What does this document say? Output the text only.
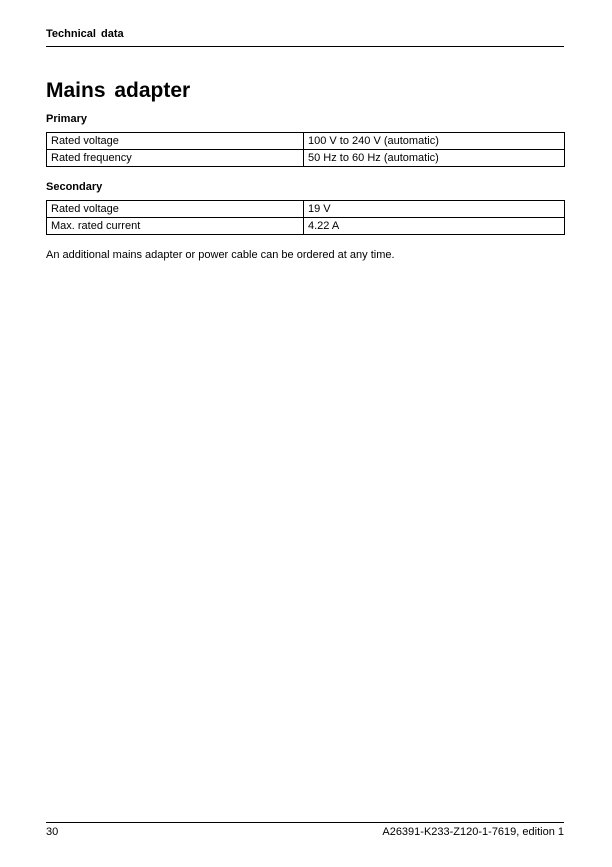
Technical data
Mains adapter
Primary
Rated voltage	100 V to 240 V (automatic)
Rated frequency	50 Hz to 60 Hz (automatic)
Secondary
Rated voltage	19 V
Max. rated current	4.22 A

An additional mains adapter or power cable can be ordered at any time.

30	A26391-K233-Z120-1-7619, edition 1
